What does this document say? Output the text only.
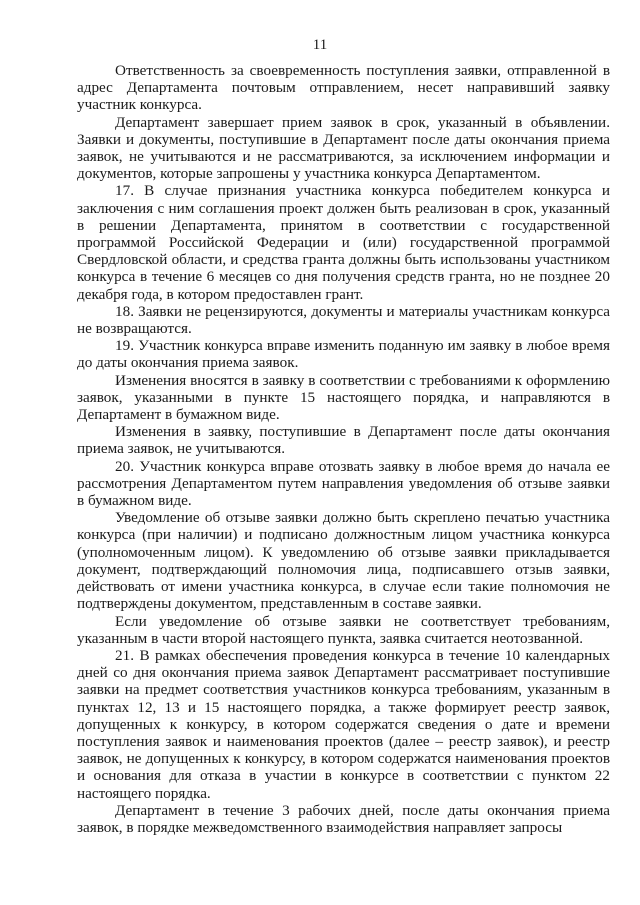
11

Ответственность за своевременность поступления заявки, отправленной в адрес Департамента почтовым отправлением, несет направивший заявку участник конкурса.

Департамент завершает прием заявок в срок, указанный в объявлении. Заявки и документы, поступившие в Департамент после даты окончания приема заявок, не учитываются и не рассматриваются, за исключением информации и документов, которые запрошены у участника конкурса Департаментом.

17. В случае признания участника конкурса победителем конкурса и заключения с ним соглашения проект должен быть реализован в срок, указанный в решении Департамента, принятом в соответствии с государственной программой Российской Федерации и (или) государственной программой Свердловской области, и средства гранта должны быть использованы участником конкурса в течение 6 месяцев со дня получения средств гранта, но не позднее 20 декабря года, в котором предоставлен грант.

18. Заявки не рецензируются, документы и материалы участникам конкурса не возвращаются.

19. Участник конкурса вправе изменить поданную им заявку в любое время до даты окончания приема заявок.

Изменения вносятся в заявку в соответствии с требованиями к оформлению заявок, указанными в пункте 15 настоящего порядка, и направляются в Департамент в бумажном виде.

Изменения в заявку, поступившие в Департамент после даты окончания приема заявок, не учитываются.

20. Участник конкурса вправе отозвать заявку в любое время до начала ее рассмотрения Департаментом путем направления уведомления об отзыве заявки в бумажном виде.

Уведомление об отзыве заявки должно быть скреплено печатью участника конкурса (при наличии) и подписано должностным лицом участника конкурса (уполномоченным лицом). К уведомлению об отзыве заявки прикладывается документ, подтверждающий полномочия лица, подписавшего отзыв заявки, действовать от имени участника конкурса, в случае если такие полномочия не подтверждены документом, представленным в составе заявки.

Если уведомление об отзыве заявки не соответствует требованиям, указанным в части второй настоящего пункта, заявка считается неотозванной.

21. В рамках обеспечения проведения конкурса в течение 10 календарных дней со дня окончания приема заявок Департамент рассматривает поступившие заявки на предмет соответствия участников конкурса требованиям, указанным в пунктах 12, 13 и 15 настоящего порядка, а также формирует реестр заявок, допущенных к конкурсу, в котором содержатся сведения о дате и времени поступления заявок и наименования проектов (далее – реестр заявок), и реестр заявок, не допущенных к конкурсу, в котором содержатся наименования проектов и основания для отказа в участии в конкурсе в соответствии с пунктом 22 настоящего порядка.

Департамент в течение 3 рабочих дней, после даты окончания приема заявок, в порядке межведомственного взаимодействия направляет запросы
